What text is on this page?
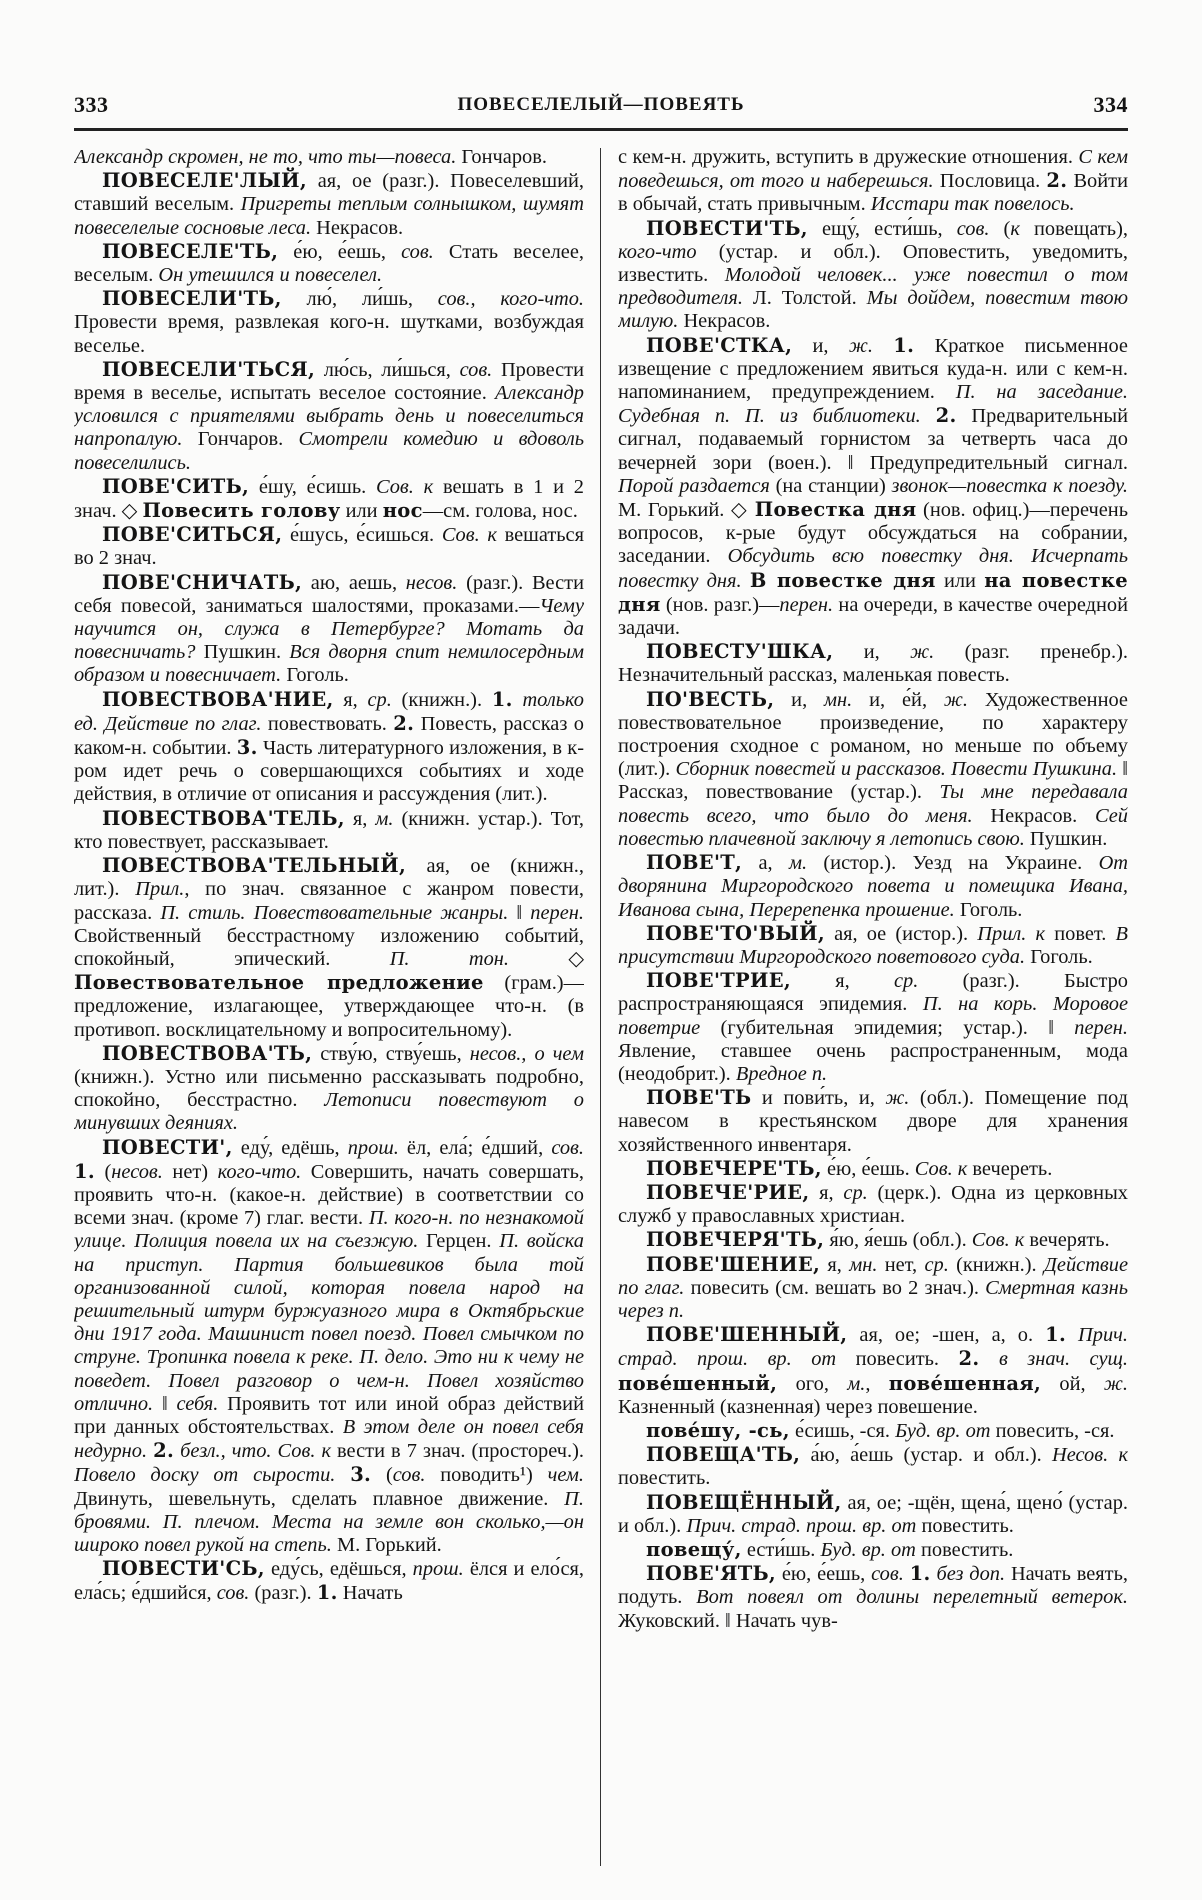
333	ПОВЕСЕЛЕЛЫЙ—ПОВЕЯТЬ	334

Александр скромен, не то, что ты—повеса. Гончаров.

ПОВЕСЕЛЕ'ЛЫЙ, ая, ое (разг.). Повеселевший, ставший веселым. Пригреты теплым солнышком, шумят повеселелые сосновые леса. Некрасов.

ПОВЕСЕЛЕ'ТЬ, е́ю, е́ешь, сов. Стать веселее, веселым. Он утешился и повеселел.

ПОВЕСЕЛИ'ТЬ, лю́, ли́шь, сов., кого-что. Провести время, развлекая кого-н. шутками, возбуждая веселье.

ПОВЕСЕЛИ'ТЬСЯ, лю́сь, ли́шься, сов. Провести время в веселье, испытать веселое состояние. Александр условился с приятелями выбрать день и повеселиться напропалую. Гончаров. Смотрели комедию и вдоволь повеселились.

ПОВЕ'СИТЬ, е́шу, е́сишь. Сов. к вешать в 1 и 2 знач. ◇ Повесить голову или нос—см. голова, нос.

ПОВЕ'СИТЬСЯ, е́шусь, е́сишься. Сов. к вешаться во 2 знач.

ПОВЕ'СНИЧАТЬ, аю, аешь, несов. (разг.). Вести себя повесой, заниматься шалостями, проказами.—Чему научится он, служа в Петербурге? Мотать да повесничать? Пушкин. Вся дворня спит немилосердным образом и повесничает. Гоголь.

ПОВЕСТВОВА'НИЕ, я, ср. (книжн.). 1. только ед. Действие по глаг. повествовать. 2. Повесть, рассказ о каком-н. событии. 3. Часть литературного изложения, в к-ром идет речь о совершающихся событиях и ходе действия, в отличие от описания и рассуждения (лит.).

ПОВЕСТВОВА'ТЕЛЬ, я, м. (книжн. устар.). Тот, кто повествует, рассказывает.

ПОВЕСТВОВА'ТЕЛЬНЫЙ, ая, ое (книжн., лит.). Прил., по знач. связанное с жанром повести, рассказа. П. стиль. Повествовательные жанры. ‖ перен. Свойственный бесстрастному изложению событий, спокойный, эпический. П. тон. ◇ Повествовательное предложение (грам.)—предложение, излагающее, утверждающее что-н. (в противоп. восклицательному и вопросительному).

ПОВЕСТВОВА'ТЬ, ству́ю, ству́ешь, несов., о чем (книжн.). Устно или письменно рассказывать подробно, спокойно, бесстрастно. Летописи повествуют о минувших деяниях.

ПОВЕСТИ', еду́, едёшь, прош. ёл, ела́; е́дший, сов. 1. (несов. нет) кого-что. Совершить, начать совершать, проявить что-н. (какое-н. действие) в соответствии со всеми знач. (кроме 7) глаг. вести. П. кого-н. по незнакомой улице. Полиция повела их на съезжую. Герцен. П. войска на приступ. Партия большевиков была той организованной силой, которая повела народ на решительный штурм буржуазного мира в Октябрьские дни 1917 года. Машинист повел поезд. Повел смычком по струне. Тропинка повела к реке. П. дело. Это ни к чему не поведет. Повел разговор о чем-н. Повел хозяйство отлично. ‖ себя. Проявить тот или иной образ действий при данных обстоятельствах. В этом деле он повел себя недурно. 2. безл., что. Сов. к вести в 7 знач. (простореч.). Повело доску от сырости. 3. (сов. поводить¹) чем. Двинуть, шевельнуть, сделать плавное движение. П. бровями. П. плечом. Места на земле вон сколько,—он широко повел рукой на степь. М. Горький.

ПОВЕСТИ'СЬ, еду́сь, едёшься, прош. ёлся и ело́ся, ела́сь; е́дшийся, сов. (разг.). 1. Начать

с кем-н. дружить, вступить в дружеские отношения. С кем поведешься, от того и наберешься. Пословица. 2. Войти в обычай, стать привычным. Исстари так повелось.

ПОВЕСТИ'ТЬ, ещу́, ести́шь, сов. (к повещать), кого-что (устар. и обл.). Оповестить, уведомить, известить. Молодой человек... уже повестил о том предводителя. Л. Толстой. Мы дойдем, повестим твою милую. Некрасов.

ПОВЕ'СТКА, и, ж. 1. Краткое письменное извещение с предложением явиться куда-н. или с кем-н. напоминанием, предупреждением. П. на заседание. Судебная п. П. из библиотеки. 2. Предварительный сигнал, подаваемый горнистом за четверть часа до вечерней зори (воен.). ‖ Предупредительный сигнал. Порой раздается (на станции) звонок—повестка к поезду. М. Горький. ◇ Повестка дня (нов. офиц.)—перечень вопросов, к-рые будут обсуждаться на собрании, заседании. Обсудить всю повестку дня. Исчерпать повестку дня. В повестке дня или на повестке дня (нов. разг.)—перен. на очереди, в качестве очередной задачи.

ПОВЕСТУ'ШКА, и, ж. (разг. пренебр.). Незначительный рассказ, маленькая повесть.

ПО'ВЕСТЬ, и, мн. и, е́й, ж. Художественное повествовательное произведение, по характеру построения сходное с романом, но меньше по объему (лит.). Сборник повестей и рассказов. Повести Пушкина. ‖ Рассказ, повествование (устар.). Ты мне передавала повесть всего, что было до меня. Некрасов. Сей повестью плачевной заключу я летопись свою. Пушкин.

ПОВЕ'Т, а, м. (истор.). Уезд на Украине. От дворянина Миргородского повета и помещика Ивана, Иванова сына, Перерепенка прошение. Гоголь.

ПОВЕ'ТО'ВЫЙ, ая, ое (истор.). Прил. к повет. В присутствии Миргородского поветового суда. Гоголь.

ПОВЕ'ТРИЕ, я, ср. (разг.). Быстро распространяющаяся эпидемия. П. на корь. Моровое поветрие (губительная эпидемия; устар.). ‖ перен. Явление, ставшее очень распространенным, мода (неодобрит.). Вредное п.

ПОВЕ'ТЬ и пови́ть, и, ж. (обл.). Помещение под навесом в крестьянском дворе для хранения хозяйственного инвентаря.

ПОВЕЧЕРЕ'ТЬ, е́ю, е́ешь. Сов. к вечереть.

ПОВЕЧЕ'РИЕ, я, ср. (церк.). Одна из церковных служб у православных христиан.

ПОВЕЧЕРЯ'ТЬ, я́ю, я́ешь (обл.). Сов. к вечерять.

ПОВЕ'ШЕНИЕ, я, мн. нет, ср. (книжн.). Действие по глаг. повесить (см. вешать во 2 знач.). Смертная казнь через п.

ПОВЕ'ШЕННЫЙ, ая, ое; -шен, а, о. 1. Прич. страд. прош. вр. от повесить. 2. в знач. сущ. пове́шенный, ого, м., пове́шенная, ой, ж. Казненный (казненная) через повешение.

пове́шу, -сь, е́сишь, -ся. Буд. вр. от повесить, -ся.

ПОВЕЩА'ТЬ, а́ю, а́ешь (устар. и обл.). Несов. к повестить.

ПОВЕЩЁННЫЙ, ая, ое; -щён, щена́, щено́ (устар. и обл.). Прич. страд. прош. вр. от повестить.

повещу́, ести́шь. Буд. вр. от повестить.

ПОВЕ'ЯТЬ, е́ю, е́ешь, сов. 1. без доп. Начать веять, подуть. Вот повеял от долины перелетный ветерок. Жуковский. ‖ Начать чув-
